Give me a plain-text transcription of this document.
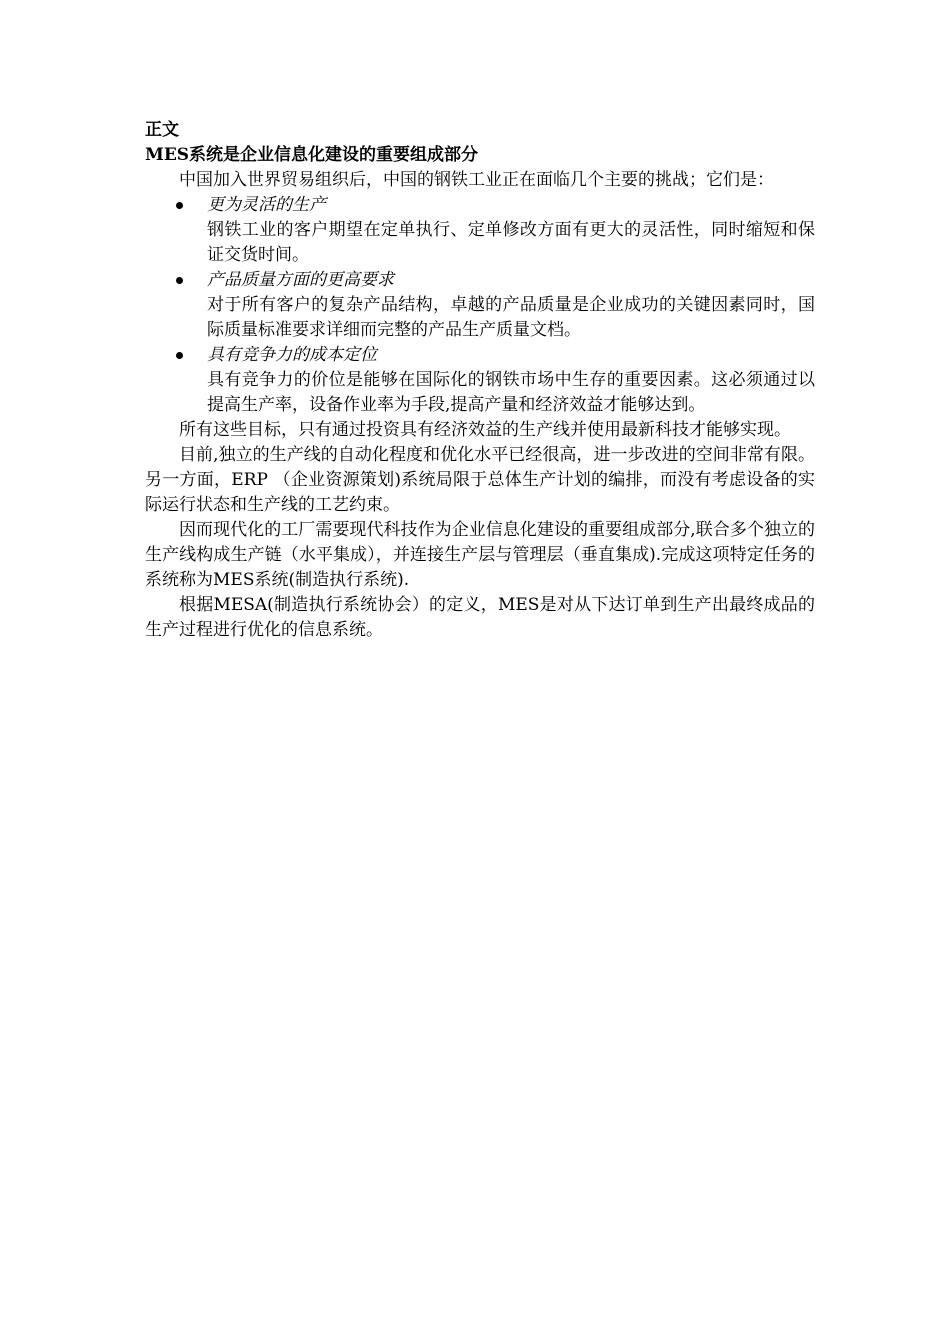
正文
MES系统是企业信息化建设的重要组成部分

中国加入世界贸易组织后，中国的钢铁工业正在面临几个主要的挑战；它们是：

更为灵活的生产
钢铁工业的客户期望在定单执行、定单修改方面有更大的灵活性，同时缩短和保证交货时间。
产品质量方面的更高要求
对于所有客户的复杂产品结构，卓越的产品质量是企业成功的关键因素同时，国际质量标准要求详细而完整的产品生产质量文档。
具有竞争力的成本定位
具有竞争力的价位是能够在国际化的钢铁市场中生存的重要因素。这必须通过以提高生产率，设备作业率为手段,提高产量和经济效益才能够达到。

所有这些目标，只有通过投资具有经济效益的生产线并使用最新科技才能够实现。

目前,独立的生产线的自动化程度和优化水平已经很高，进一步改进的空间非常有限。另一方面，ERP （企业资源策划)系统局限于总体生产计划的编排，而没有考虑设备的实际运行状态和生产线的工艺约束。

因而现代化的工厂需要现代科技作为企业信息化建设的重要组成部分,联合多个独立的生产线构成生产链（水平集成），并连接生产层与管理层（垂直集成).完成这项特定任务的系统称为MES系统(制造执行系统).

根据MESA(制造执行系统协会）的定义，MES是对从下达订单到生产出最终成品的生产过程进行优化的信息系统。
